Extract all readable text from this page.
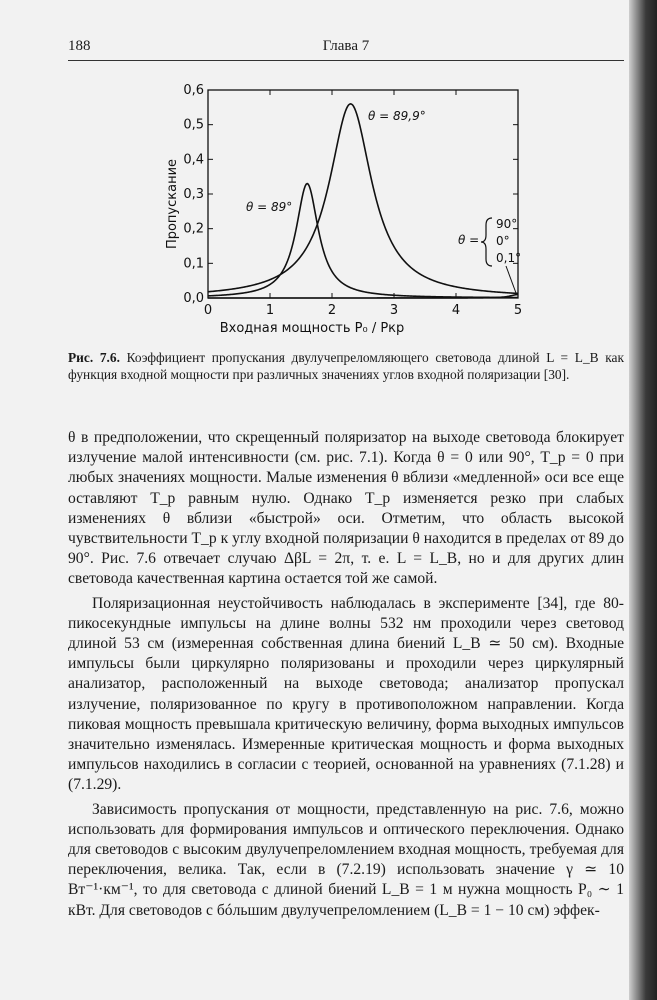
188	Глава 7
0	1	2	3	4	5
0,0
0,1
0,2
0,3
0,4
0,5
0,6
Пропускание
Входная мощность P₀ / Pкр
θ = 89,9°
θ = 89°
θ =
90°
0°
0,1°
Рис. 7.6. Коэффициент пропускания двулучепреломляющего световода длиной L = L_B как функция входной мощности при различных значениях углов входной поляризации [30].

θ в предположении, что скрещенный поляризатор на выходе световода блокирует излучение малой интенсивности (см. рис. 7.1). Когда θ = 0 или 90°, T_p = 0 при любых значениях мощности. Малые изменения θ вблизи «медленной» оси все еще оставляют T_p равным нулю. Однако T_p изменяется резко при слабых изменениях θ вблизи «быстрой» оси. Отметим, что область высокой чувствительности T_p к углу входной поляризации θ находится в пределах от 89 до 90°. Рис. 7.6 отвечает случаю ΔβL = 2π, т. е. L = L_B, но и для других длин световода качественная картина остается той же самой.

Поляризационная неустойчивость наблюдалась в эксперименте [34], где 80-пикосекундные импульсы на длине волны 532 нм проходили через световод длиной 53 см (измеренная собственная длина биений L_B ≃ 50 см). Входные импульсы были циркулярно поляризованы и проходили через циркулярный анализатор, расположенный на выходе световода; анализатор пропускал излучение, поляризованное по кругу в противоположном направлении. Когда пиковая мощность превышала критическую величину, форма выходных импульсов значительно изменялась. Измеренные критическая мощность и форма выходных импульсов находились в согласии с теорией, основанной на уравнениях (7.1.28) и (7.1.29).

Зависимость пропускания от мощности, представленную на рис. 7.6, можно использовать для формирования импульсов и оптического переключения. Однако для световодов с высоким двулучепреломлением входная мощность, требуемая для переключения, велика. Так, если в (7.2.19) использовать значение γ ≃ 10 Вт⁻¹·км⁻¹, то для световода с длиной биений L_B = 1 м нужна мощность P₀ ∼ 1 кВт. Для световодов с бóльшим двулучепреломлением (L_B = 1 − 10 см) эффек-
